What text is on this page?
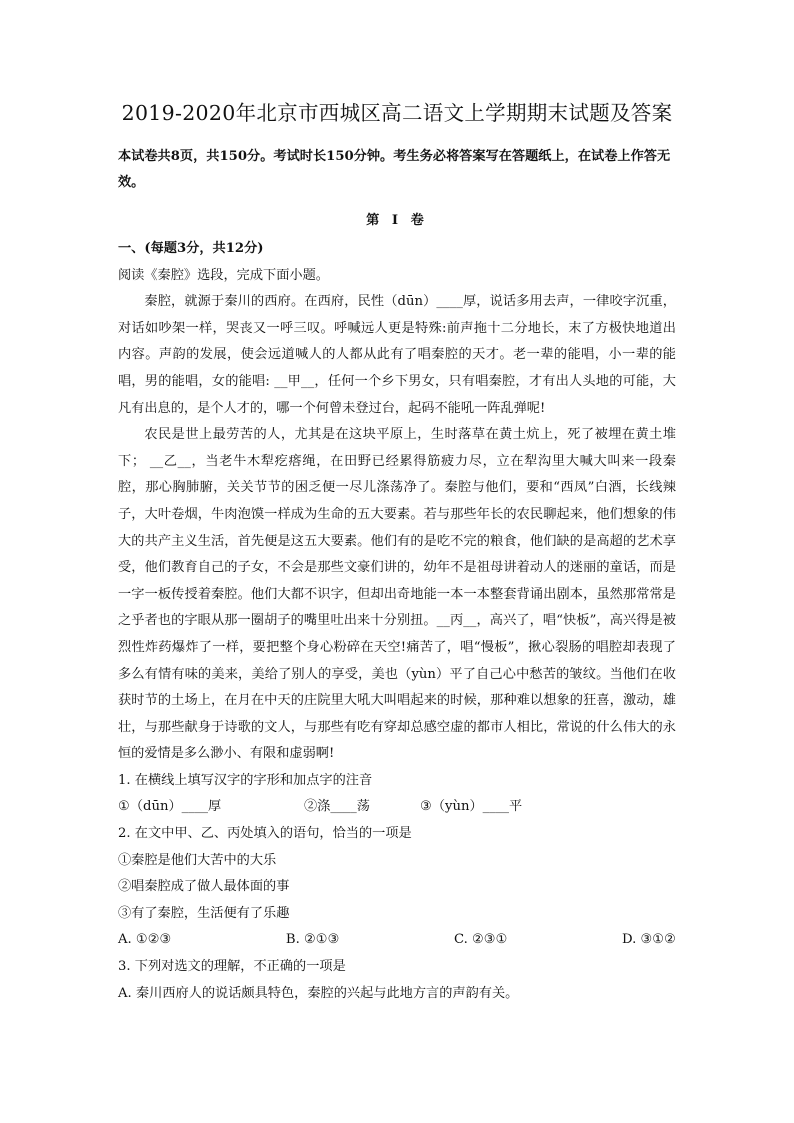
2019-2020年北京市西城区高二语文上学期期末试题及答案
本试卷共8页，共150分。考试时长150分钟。考生务必将答案写在答题纸上，在试卷上作答无效。
第 I 卷
一、(每题3分，共12分)
阅读《秦腔》选段，完成下面小题。

秦腔，就源于秦川的西府。在西府，民性（dūn）____厚，说话多用去声，一律咬字沉重，对话如吵架一样，哭丧又一呼三叹。呼喊远人更是特殊:前声拖十二分地长，末了方极快地道出内容。声韵的发展，使会远道喊人的人都从此有了唱秦腔的天才。老一辈的能唱，小一辈的能唱，男的能唱，女的能唱: __甲__，任何一个乡下男女，只有唱秦腔，才有出人头地的可能，大凡有出息的，是个人才的，哪一个何曾未登过台，起码不能吼一阵乱弹呢!

农民是世上最劳苦的人，尤其是在这块平原上，生时落草在黄土炕上，死了被埋在黄土堆下； __乙__，当老牛木犁疙瘩绳，在田野已经累得筋疲力尽，立在犁沟里大喊大叫来一段秦腔，那心胸肺腑，关关节节的困乏便一尽儿涤荡净了。秦腔与他们，要和“西凤”白酒，长线辣子，大叶卷烟，牛肉泡馍一样成为生命的五大要素。若与那些年长的农民聊起来，他们想象的伟大的共产主义生活，首先便是这五大要素。他们有的是吃不完的粮食，他们缺的是高超的艺术享受，他们教育自己的子女，不会是那些文豪们讲的，幼年不是祖母讲着动人的迷丽的童话，而是一字一板传授着秦腔。他们大都不识字，但却出奇地能一本一本整套背诵出剧本，虽然那常常是之乎者也的字眼从那一圈胡子的嘴里吐出来十分别扭。__丙__，高兴了，唱“快板”，高兴得是被烈性炸药爆炸了一样，要把整个身心粉碎在天空!痛苦了，唱“慢板”，揪心裂肠的唱腔却表现了多么有情有味的美来，美给了别人的享受，美也（yùn）平了自己心中愁苦的皱纹。当他们在收获时节的土场上，在月在中天的庄院里大吼大叫唱起来的时候，那种难以想象的狂喜，激动，雄壮，与那些献身于诗歌的文人，与那些有吃有穿却总感空虚的都市人相比，常说的什么伟大的永恒的爱情是多么渺小、有限和虚弱啊!

1. 在横线上填写汉字的字形和加点字的注音
①（dūn）____厚	②涤____荡	③（yùn）____平
2. 在文中甲、乙、丙处填入的语句，恰当的一项是
①秦腔是他们大苦中的大乐
②唱秦腔成了做人最体面的事
③有了秦腔，生活便有了乐趣
A. ①②③	B. ②①③	C. ②③①	D. ③①②
3. 下列对选文的理解，不正确的一项是
A. 秦川西府人的说话颇具特色，秦腔的兴起与此地方言的声韵有关。
